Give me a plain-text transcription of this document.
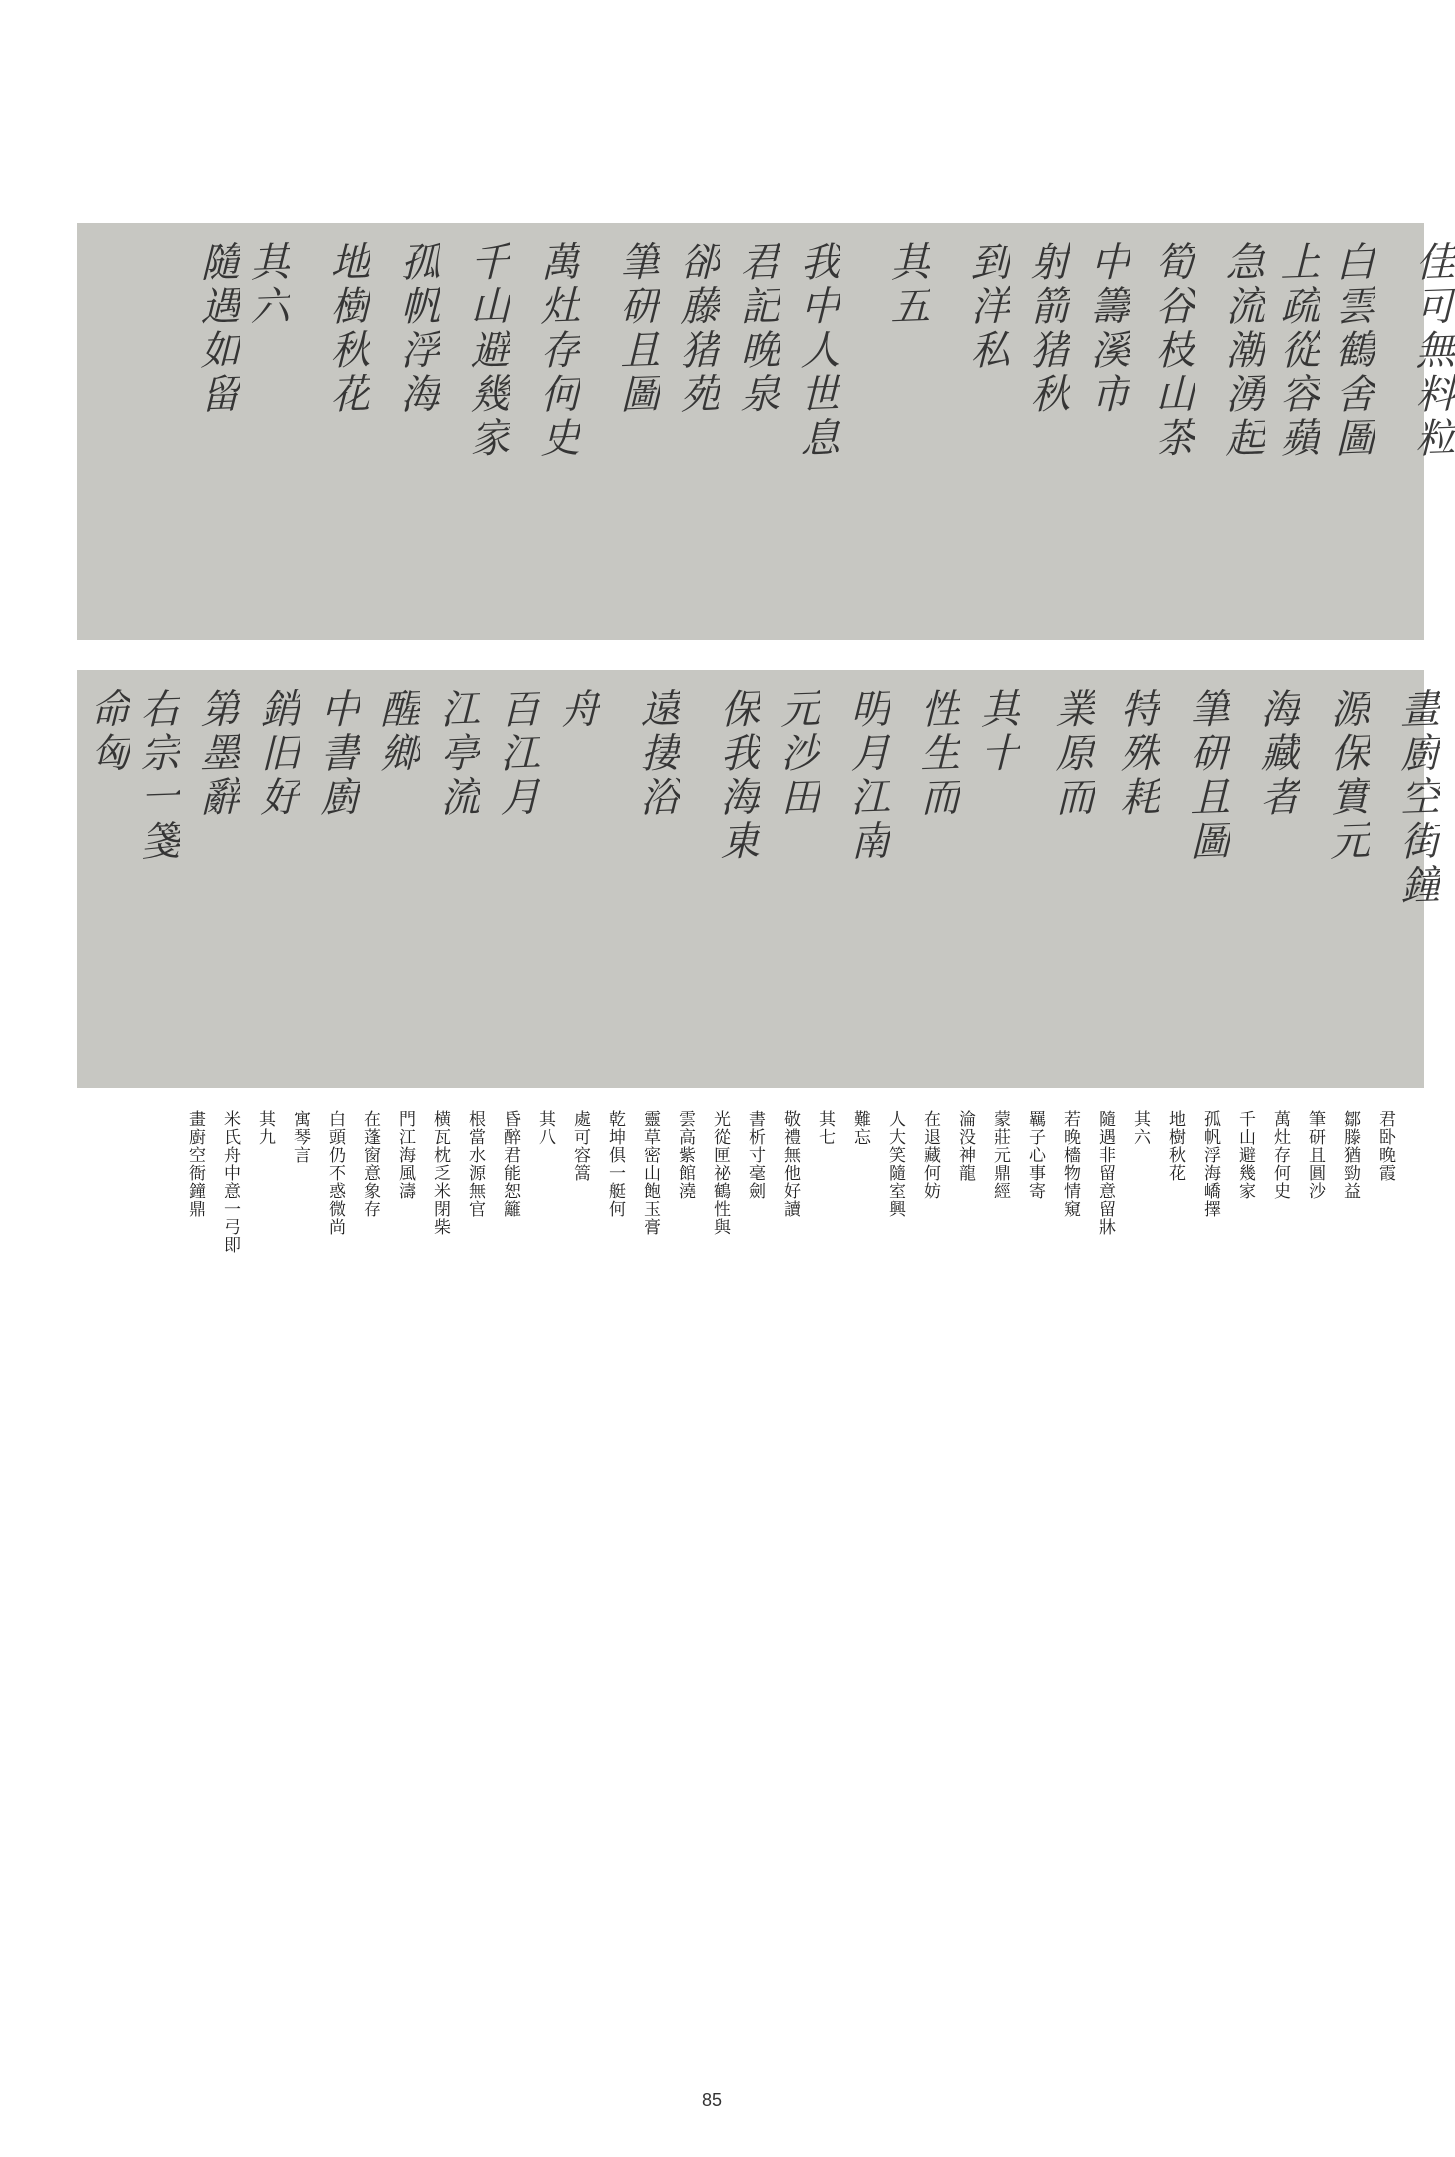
佳可無料粒
白雲鶴舍圖
上疏從容蘋
急流潮湧起
筍谷枝山茶
中籌溪市
射箭猪秋
到洋私
其五
我中人世息
君記晚泉
郤藤猪苑
筆研且圖
萬灶存何史
千山避幾家
孤帆浮海
地樹秋花
其六
隨遇如留
畫廚空街鐘
源保實元
海藏者
筆研且圖
特殊耗
業原而
其十
性生而
明月江南
元沙田
保我海東
遠捿浴
舟
百江月
江亭流
醒鄉
中書廚
銷旧好
第墨辭
右宗一箋
命匈
君卧晚霞
鄒滕猶勁益
筆研且圓沙
萬灶存何史
千山避幾家
孤帆浮海嶠擇
地樹秋花
其六
隨遇非留意留牀
若晚檣物情窺
羈子心事寄
蒙莊元鼎經
淪没神龍
在退藏何妨
人大笑隨室興
難忘
其七
敬禮無他好讀
書析寸毫劍
光從匣祕鶴性與
雲高紫館澆
靈草密山飽玉膏
乾坤俱一艇何
處可容篙
其八
昏醉君能恕籬
根當水源無官
横瓦枕乏米閉柴
門江海風濤
在蓬窗意象存
白頭仍不惑微尚
寓琴言
其九
米氏舟中意一弓即
畫廚空衙鐘鼎
85
